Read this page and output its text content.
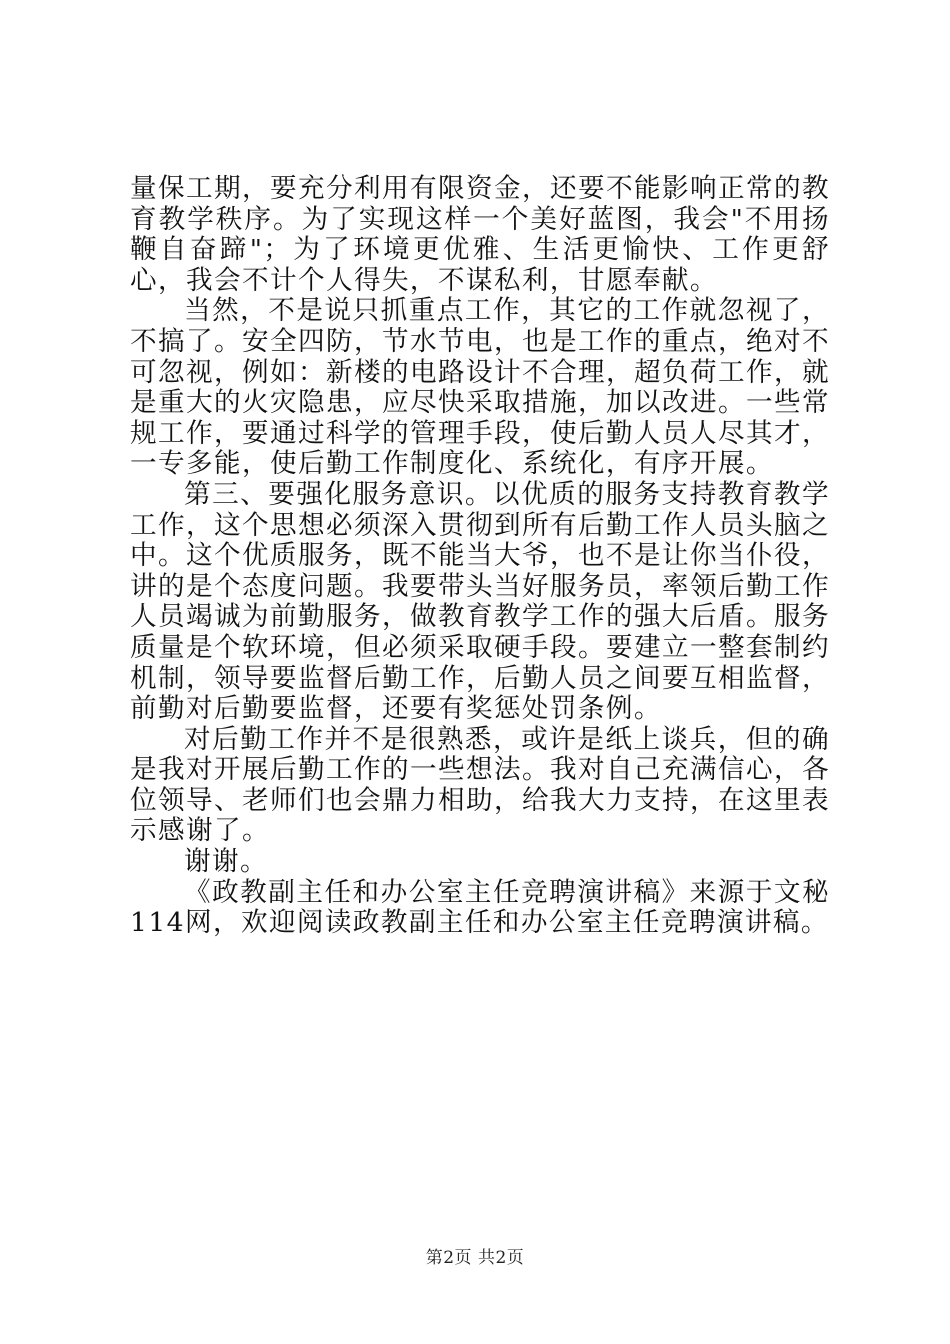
量保工期，要充分利用有限资金，还要不能影响正常的教育教学秩序。为了实现这样一个美好蓝图，我会"不用扬鞭自奋蹄"；为了环境更优雅、生活更愉快、工作更舒心，我会不计个人得失，不谋私利，甘愿奉献。

当然，不是说只抓重点工作，其它的工作就忽视了，不搞了。安全四防，节水节电，也是工作的重点，绝对不可忽视，例如：新楼的电路设计不合理，超负荷工作，就是重大的火灾隐患，应尽快采取措施，加以改进。一些常规工作，要通过科学的管理手段，使后勤人员人尽其才，一专多能，使后勤工作制度化、系统化，有序开展。

第三、要强化服务意识。以优质的服务支持教育教学工作，这个思想必须深入贯彻到所有后勤工作人员头脑之中。这个优质服务，既不能当大爷，也不是让你当仆役，讲的是个态度问题。我要带头当好服务员，率领后勤工作人员竭诚为前勤服务，做教育教学工作的强大后盾。服务质量是个软环境，但必须采取硬手段。要建立一整套制约机制，领导要监督后勤工作，后勤人员之间要互相监督，前勤对后勤要监督，还要有奖惩处罚条例。

对后勤工作并不是很熟悉，或许是纸上谈兵，但的确是我对开展后勤工作的一些想法。我对自己充满信心，各位领导、老师们也会鼎力相助，给我大力支持，在这里表示感谢了。

谢谢。

《政教副主任和办公室主任竞聘演讲稿》来源于文秘114网，欢迎阅读政教副主任和办公室主任竞聘演讲稿。

第2页 共2页
